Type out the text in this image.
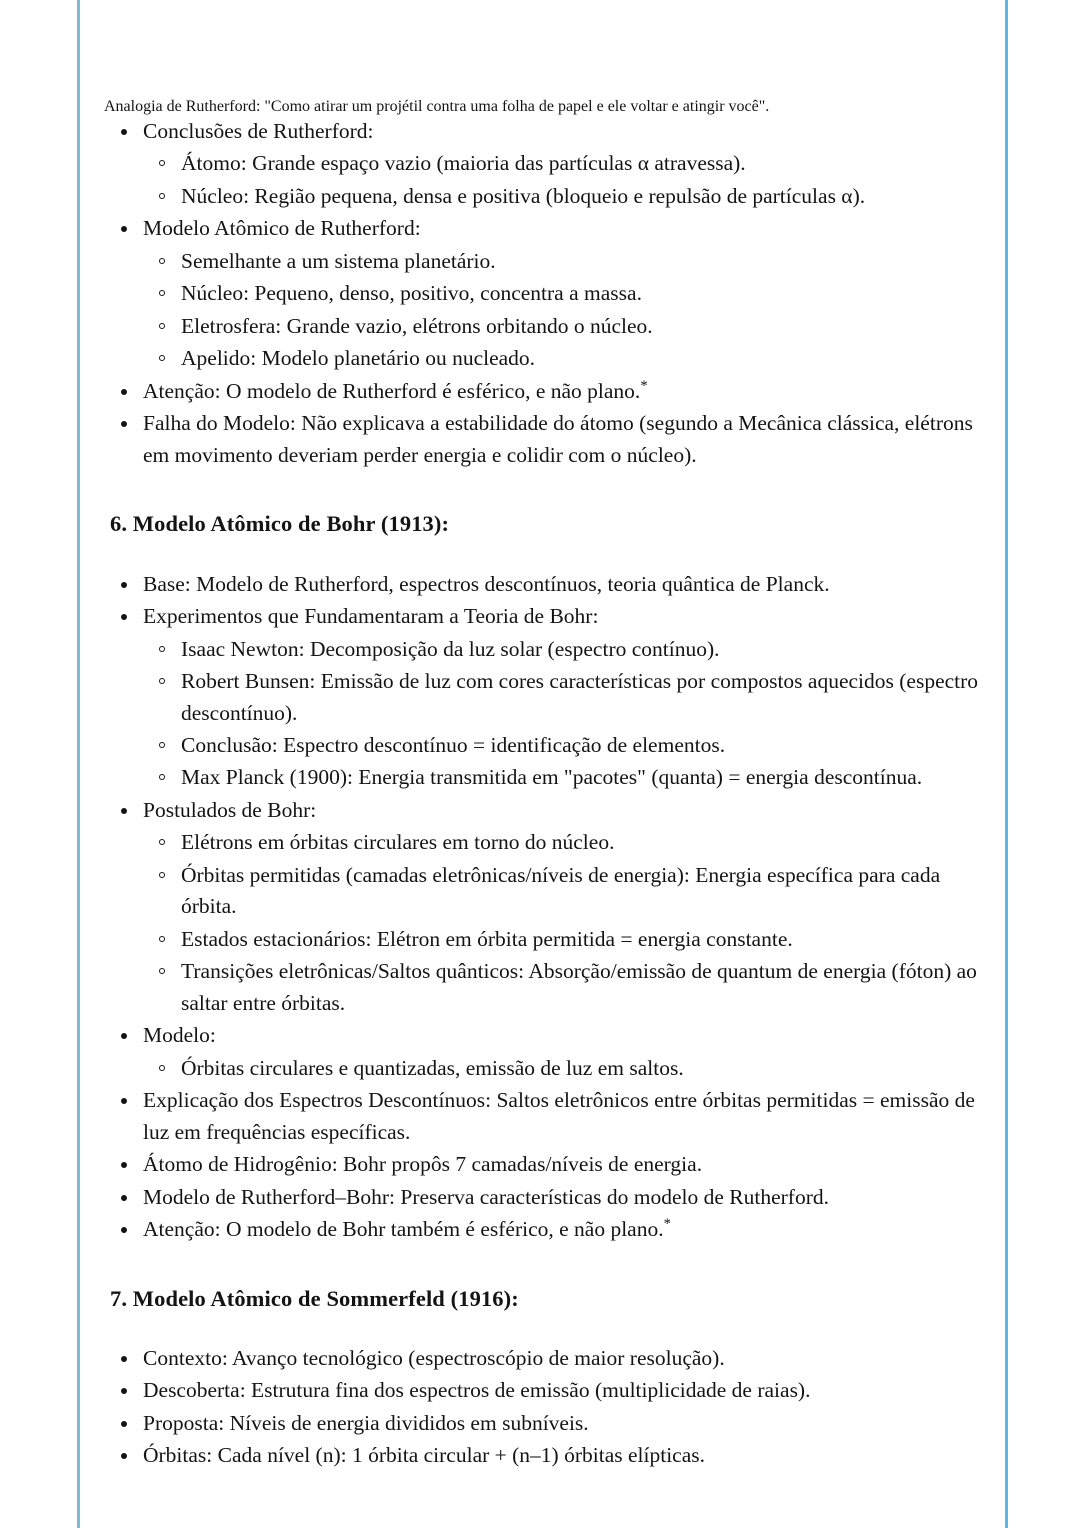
Analogia de Rutherford: "Como atirar um projétil contra uma folha de papel e ele voltar e atingir você".
Conclusões de Rutherford:
Átomo: Grande espaço vazio (maioria das partículas α atravessa).
Núcleo: Região pequena, densa e positiva (bloqueio e repulsão de partículas α).
Modelo Atômico de Rutherford:
Semelhante a um sistema planetário.
Núcleo: Pequeno, denso, positivo, concentra a massa.
Eletrosfera: Grande vazio, elétrons orbitando o núcleo.
Apelido: Modelo planetário ou nucleado.
Atenção: O modelo de Rutherford é esférico, e não plano.*
Falha do Modelo: Não explicava a estabilidade do átomo (segundo a Mecânica clássica, elétrons em movimento deveriam perder energia e colidir com o núcleo).
6. Modelo Atômico de Bohr (1913):
Base: Modelo de Rutherford, espectros descontínuos, teoria quântica de Planck.
Experimentos que Fundamentaram a Teoria de Bohr:
Isaac Newton: Decomposição da luz solar (espectro contínuo).
Robert Bunsen: Emissão de luz com cores características por compostos aquecidos (espectro descontínuo).
Conclusão: Espectro descontínuo = identificação de elementos.
Max Planck (1900): Energia transmitida em "pacotes" (quanta) = energia descontínua.
Postulados de Bohr:
Elétrons em órbitas circulares em torno do núcleo.
Órbitas permitidas (camadas eletrônicas/níveis de energia): Energia específica para cada órbita.
Estados estacionários: Elétron em órbita permitida = energia constante.
Transições eletrônicas/Saltos quânticos: Absorção/emissão de quantum de energia (fóton) ao saltar entre órbitas.
Modelo:
Órbitas circulares e quantizadas, emissão de luz em saltos.
Explicação dos Espectros Descontínuos: Saltos eletrônicos entre órbitas permitidas = emissão de luz em frequências específicas.
Átomo de Hidrogênio: Bohr propôs 7 camadas/níveis de energia.
Modelo de Rutherford–Bohr: Preserva características do modelo de Rutherford.
Atenção: O modelo de Bohr também é esférico, e não plano.*
7. Modelo Atômico de Sommerfeld (1916):
Contexto: Avanço tecnológico (espectroscópio de maior resolução).
Descoberta: Estrutura fina dos espectros de emissão (multiplicidade de raias).
Proposta: Níveis de energia divididos em subníveis.
Órbitas: Cada nível (n): 1 órbita circular + (n–1) órbitas elípticas.
